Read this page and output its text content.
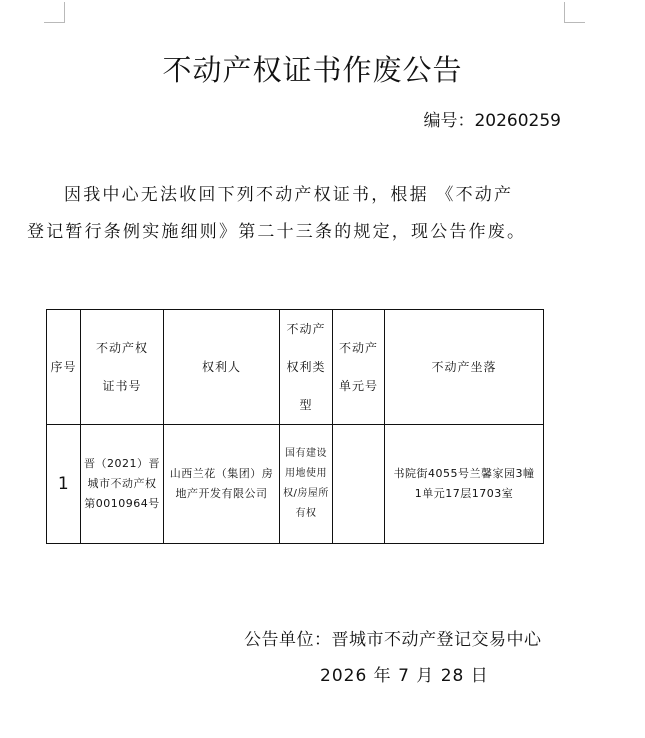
不动产权证书作废公告
编号：20260259
因我中心无法收回下列不动产权证书，根据 《不动产
登记暂行条例实施细则》第二十三条的规定，现公告作废。
序号	不动产权证书号	权利人	不动产权利类型	不动产单元号	不动产坐落
1	晋（2021）晋城市不动产权第0010964号	山西兰花（集团）房地产开发有限公司	国有建设用地使用权/房屋所有权		书院街4055号兰馨家园3幢1单元17层1703室
公告单位：晋城市不动产登记交易中心
2026 年 7 月 28 日
